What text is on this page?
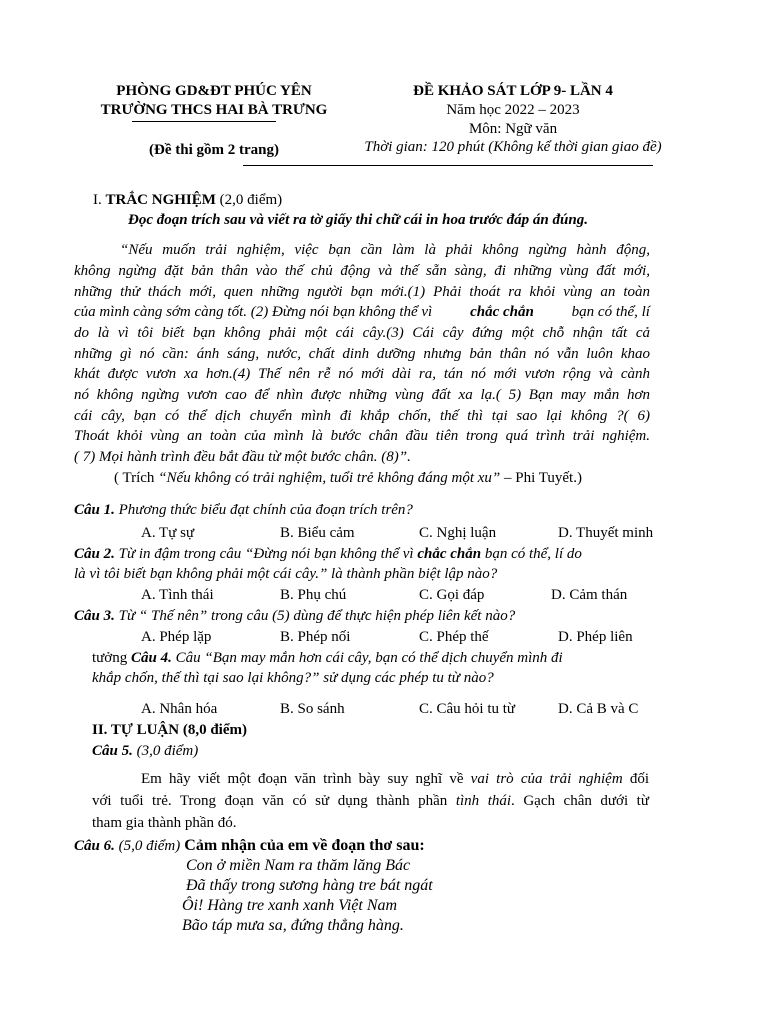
PHÒNG GD&ĐT PHÚC YÊN
TRƯỜNG THCS HAI BÀ TRƯNG
(Đề thi gồm 2 trang)
ĐỀ KHẢO SÁT LỚP 9- LẦN 4
Năm học 2022 – 2023
Môn: Ngữ văn
Thời gian: 120 phút (Không kể thời gian giao đề)
I. TRẮC NGHIỆM (2,0 điểm)
Đọc đoạn trích sau và viết ra tờ giấy thi chữ cái in hoa trước đáp án đúng.
“Nếu muốn trải nghiệm, việc bạn cần làm là phải không ngừng hành động,
không ngừng đặt bản thân vào thế chủ động và thế sẵn sàng, đi những vùng đất mới,
những thử thách mới, quen những người bạn mới.(1) Phải thoát ra khỏi vùng an toàn
của mình càng sớm càng tốt. (2) Đừng nói bạn không thể vì	chắc chắn	bạn có thể, lí
do là vì tôi biết bạn không phải một cái cây.(3) Cái cây đứng một chỗ nhận tất cả
những gì nó cần: ánh sáng, nước, chất dinh dưỡng nhưng bản thân nó vẫn luôn khao
khát được vươn xa hơn.(4) Thế nên rễ nó mới dài ra, tán nó mới vươn rộng và cành
nó không ngừng vươn cao để nhìn được những vùng đất xa lạ.( 5) Bạn may mắn hơn
cái cây, bạn có thể dịch chuyển mình đi khắp chốn, thế thì tại sao lại không ?( 6)
Thoát khỏi vùng an toàn của mình là bước chân đầu tiên trong quá trình trải nghiệm.
( 7) Mọi hành trình đều bắt đầu từ một bước chân. (8)”.
( Trích “Nếu không có trải nghiệm, tuổi trẻ không đáng một xu” – Phi Tuyết.)
Câu 1. Phương thức biểu đạt chính của đoạn trích trên?
A. Tự sự	B. Biểu cảm	C. Nghị luận	D. Thuyết minh
Câu 2. Từ in đậm trong câu “Đừng nói bạn không thể vì chắc chắn bạn có thể, lí do
là vì tôi biết bạn không phải một cái cây.” là thành phần biệt lập nào?
A. Tình thái	B. Phụ chú	C. Gọi đáp	D. Cảm thán
Câu 3. Từ “ Thế nên” trong câu (5) dùng để thực hiện phép liên kết nào?
A. Phép lặp	B. Phép nối	C. Phép thế	D. Phép liên
tưởng Câu 4. Câu “Bạn may mắn hơn cái cây, bạn có thể dịch chuyển mình đi
khắp chốn, thế thì tại sao lại không?” sử dụng các phép tu từ nào?
A. Nhân hóa	B. So sánh	C. Câu hỏi tu từ	D. Cả B và C
II. TỰ LUẬN (8,0 điểm)
Câu 5. (3,0 điểm)
Em hãy viết một đoạn văn trình bày suy nghĩ về vai trò của trải nghiệm đối
với tuổi trẻ. Trong đoạn văn có sử dụng thành phần tình thái. Gạch chân dưới từ
tham gia thành phần đó.
Câu 6. (5,0 điểm) Cảm nhận của em về đoạn thơ sau:
Con ở miền Nam ra thăm lăng Bác
Đã thấy trong sương hàng tre bát ngát
Ôi! Hàng tre xanh xanh Việt Nam
Bão táp mưa sa, đứng thẳng hàng.
